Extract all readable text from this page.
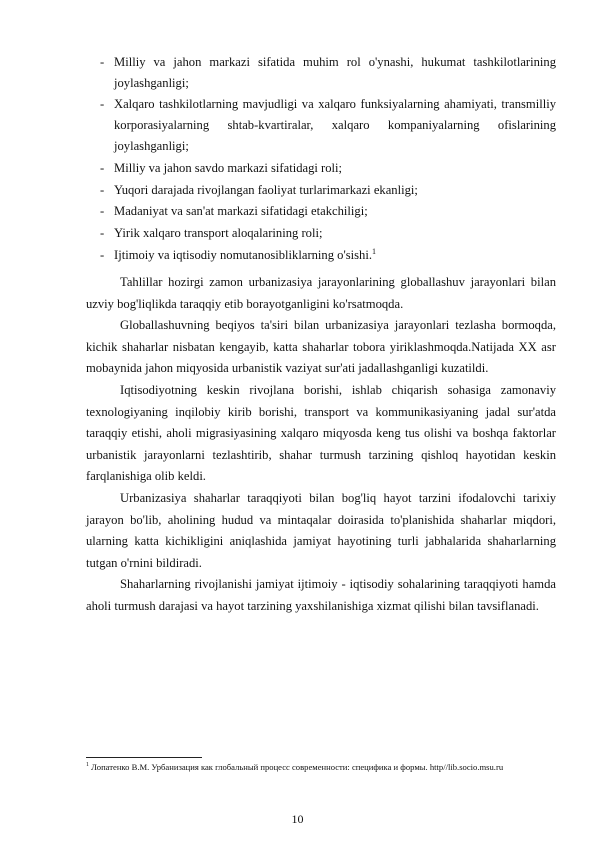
- Milliy va jahon markazi sifatida muhim rol o'ynashi, hukumat tashkilotlarining joylashganligi;

- Xalqaro tashkilotlarning mavjudligi va xalqaro funksiyalarning ahamiyati, transmilliy korporasiyalarning shtab-kvartiralar, xalqaro kompaniyalarning ofislarining joylashganligi;

- Milliy va jahon savdo markazi sifatidagi roli;

- Yuqori darajada rivojlangan faoliyat turlarimarkazi ekanligi;

- Madaniyat va san'at markazi sifatidagi etakchiligi;

- Yirik xalqaro transport aloqalarining roli;

- Ijtimoiy va iqtisodiy nomutanosibliklarning o'sishi.$^1$

Tahlillar hozirgi zamon urbanizasiya jarayonlarining globallashuv jarayonlari bilan uzviy bog'liqlikda taraqqiy etib borayotganligini ko'rsatmoqda.

Globallashuvning beqiyos ta'siri bilan urbanizasiya jarayonlari tezlasha bormoqda, kichik shaharlar nisbatan kengayib, katta shaharlar tobora yiriklashmoqda.Natijada XX asr mobaynida jahon miqyosida urbanistik vaziyat sur'ati jadallashganligi kuzatildi.

Iqtisodiyotning keskin rivojlana borishi, ishlab chiqarish sohasiga zamonaviy texnologiyaning inqilobiy kirib borishi, transport va kommunikasiyaning jadal sur'atda taraqqiy etishi, aholi migrasiyasining xalqaro miqyosda keng tus olishi va boshqa faktorlar urbanistik jarayonlarni tezlashtirib, shahar turmush tarzining qishloq hayotidan keskin farqlanishiga olib keldi.

Urbanizasiya shaharlar taraqqiyoti bilan bog'liq hayot tarzini ifodalovchi tarixiy jarayon bo'lib, aholining hudud va mintaqalar doirasida to'planishida shaharlar miqdori, ularning katta kichikligini aniqlashida jamiyat hayotining turli jabhalarida shaharlarning tutgan o'rnini bildiradi.

Shaharlarning rivojlanishi jamiyat ijtimoiy - iqtisodiy sohalarining taraqqiyoti hamda aholi turmush darajasi va hayot tarzining yaxshilanishiga xizmat qilishi bilan tavsiflanadi.

$^1$ Лопатенко В.М. Урбанизация как глобальный процесс современности: специфика и формы. http//lib.socio.msu.ru
10
